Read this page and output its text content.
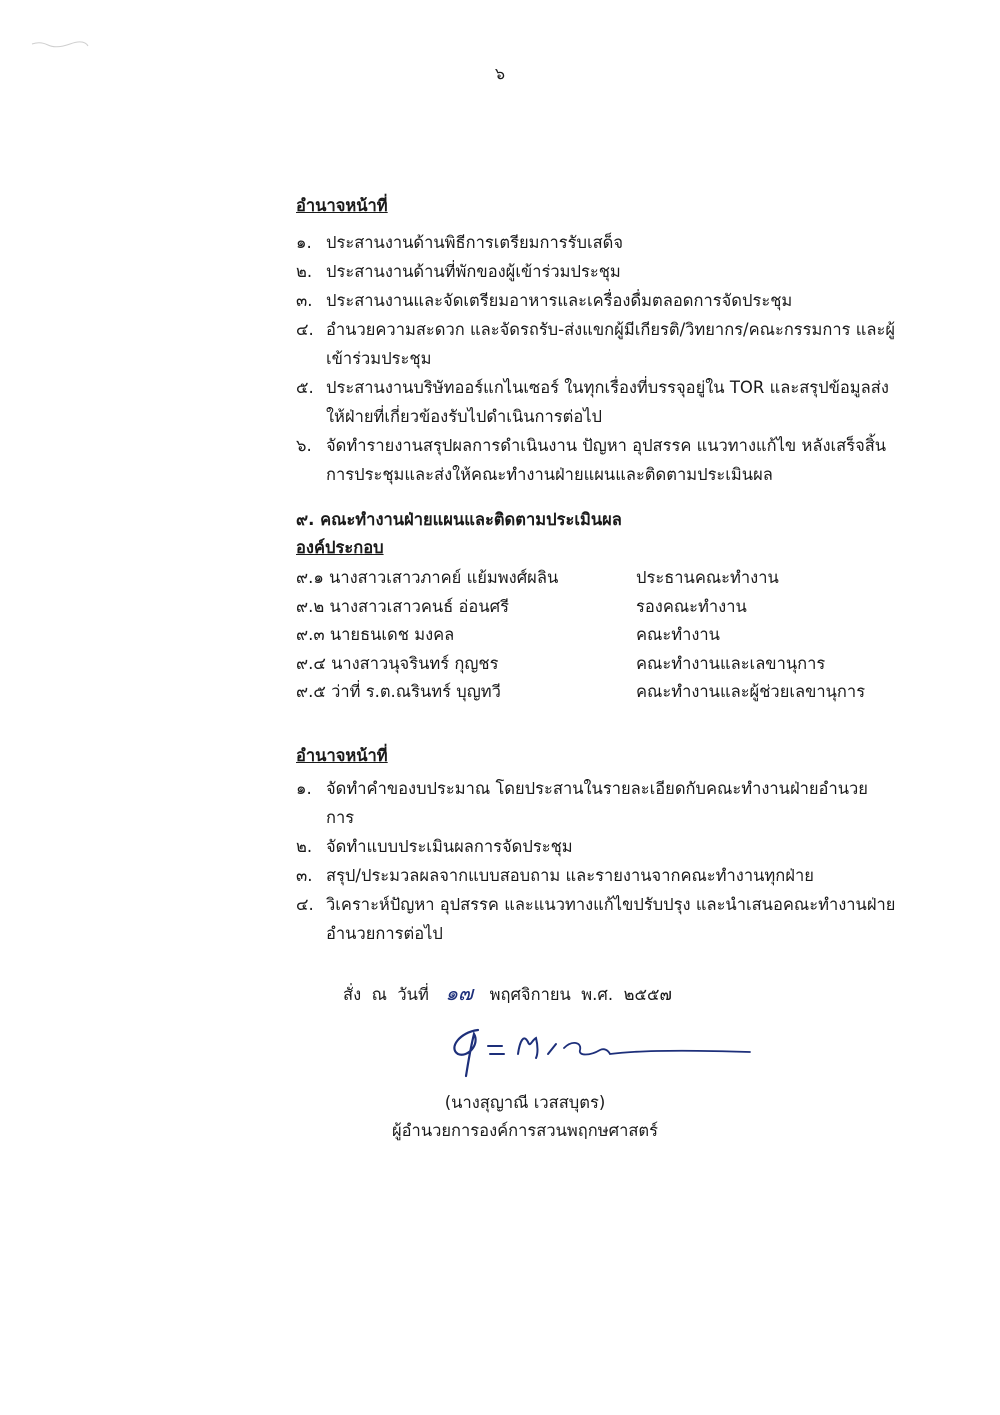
๖
อำนาจหน้าที่
๑. ประสานงานด้านพิธีการเตรียมการรับเสด็จ
๒. ประสานงานด้านที่พักของผู้เข้าร่วมประชุม
๓. ประสานงานและจัดเตรียมอาหารและเครื่องดื่มตลอดการจัดประชุม
๔. อำนวยความสะดวก และจัดรถรับ-ส่งแขกผู้มีเกียรติ/วิทยากร/คณะกรรมการ และผู้เข้าร่วมประชุม
๕. ประสานงานบริษัทออร์แกไนเซอร์ ในทุกเรื่องที่บรรจุอยู่ใน TOR และสรุปข้อมูลส่งให้ฝ่ายที่เกี่ยวข้องรับไปดำเนินการต่อไป
๖. จัดทำรายงานสรุปผลการดำเนินงาน ปัญหา อุปสรรค แนวทางแก้ไข หลังเสร็จสิ้นการประชุมและส่งให้คณะทำงานฝ่ายแผนและติดตามประเมินผล
๙. คณะทำงานฝ่ายแผนและติดตามประเมินผล
องค์ประกอบ
๙.๑ นางสาวเสาวภาคย์ แย้มพงศ์ผลิน	ประธานคณะทำงาน
๙.๒ นางสาวเสาวคนธ์ อ่อนศรี	รองคณะทำงาน
๙.๓ นายธนเดช มงคล	คณะทำงาน
๙.๔ นางสาวนุจรินทร์ กุญชร	คณะทำงานและเลขานุการ
๙.๕ ว่าที่ ร.ต.ณรินทร์ บุญทวี	คณะทำงานและผู้ช่วยเลขานุการ
อำนาจหน้าที่
๑. จัดทำคำของบประมาณ โดยประสานในรายละเอียดกับคณะทำงานฝ่ายอำนวยการ
๒. จัดทำแบบประเมินผลการจัดประชุม
๓. สรุป/ประมวลผลจากแบบสอบถาม และรายงานจากคณะทำงานทุกฝ่าย
๔. วิเคราะห์ปัญหา อุปสรรค และแนวทางแก้ไขปรับปรุง และนำเสนอคณะทำงานฝ่ายอำนวยการต่อไป
สั่ง  ณ  วันที่ ๑๗ พฤศจิกายน  พ.ศ.  ๒๕๕๗
(นางสุญาณี เวสสบุตร)
ผู้อำนวยการองค์การสวนพฤกษศาสตร์
